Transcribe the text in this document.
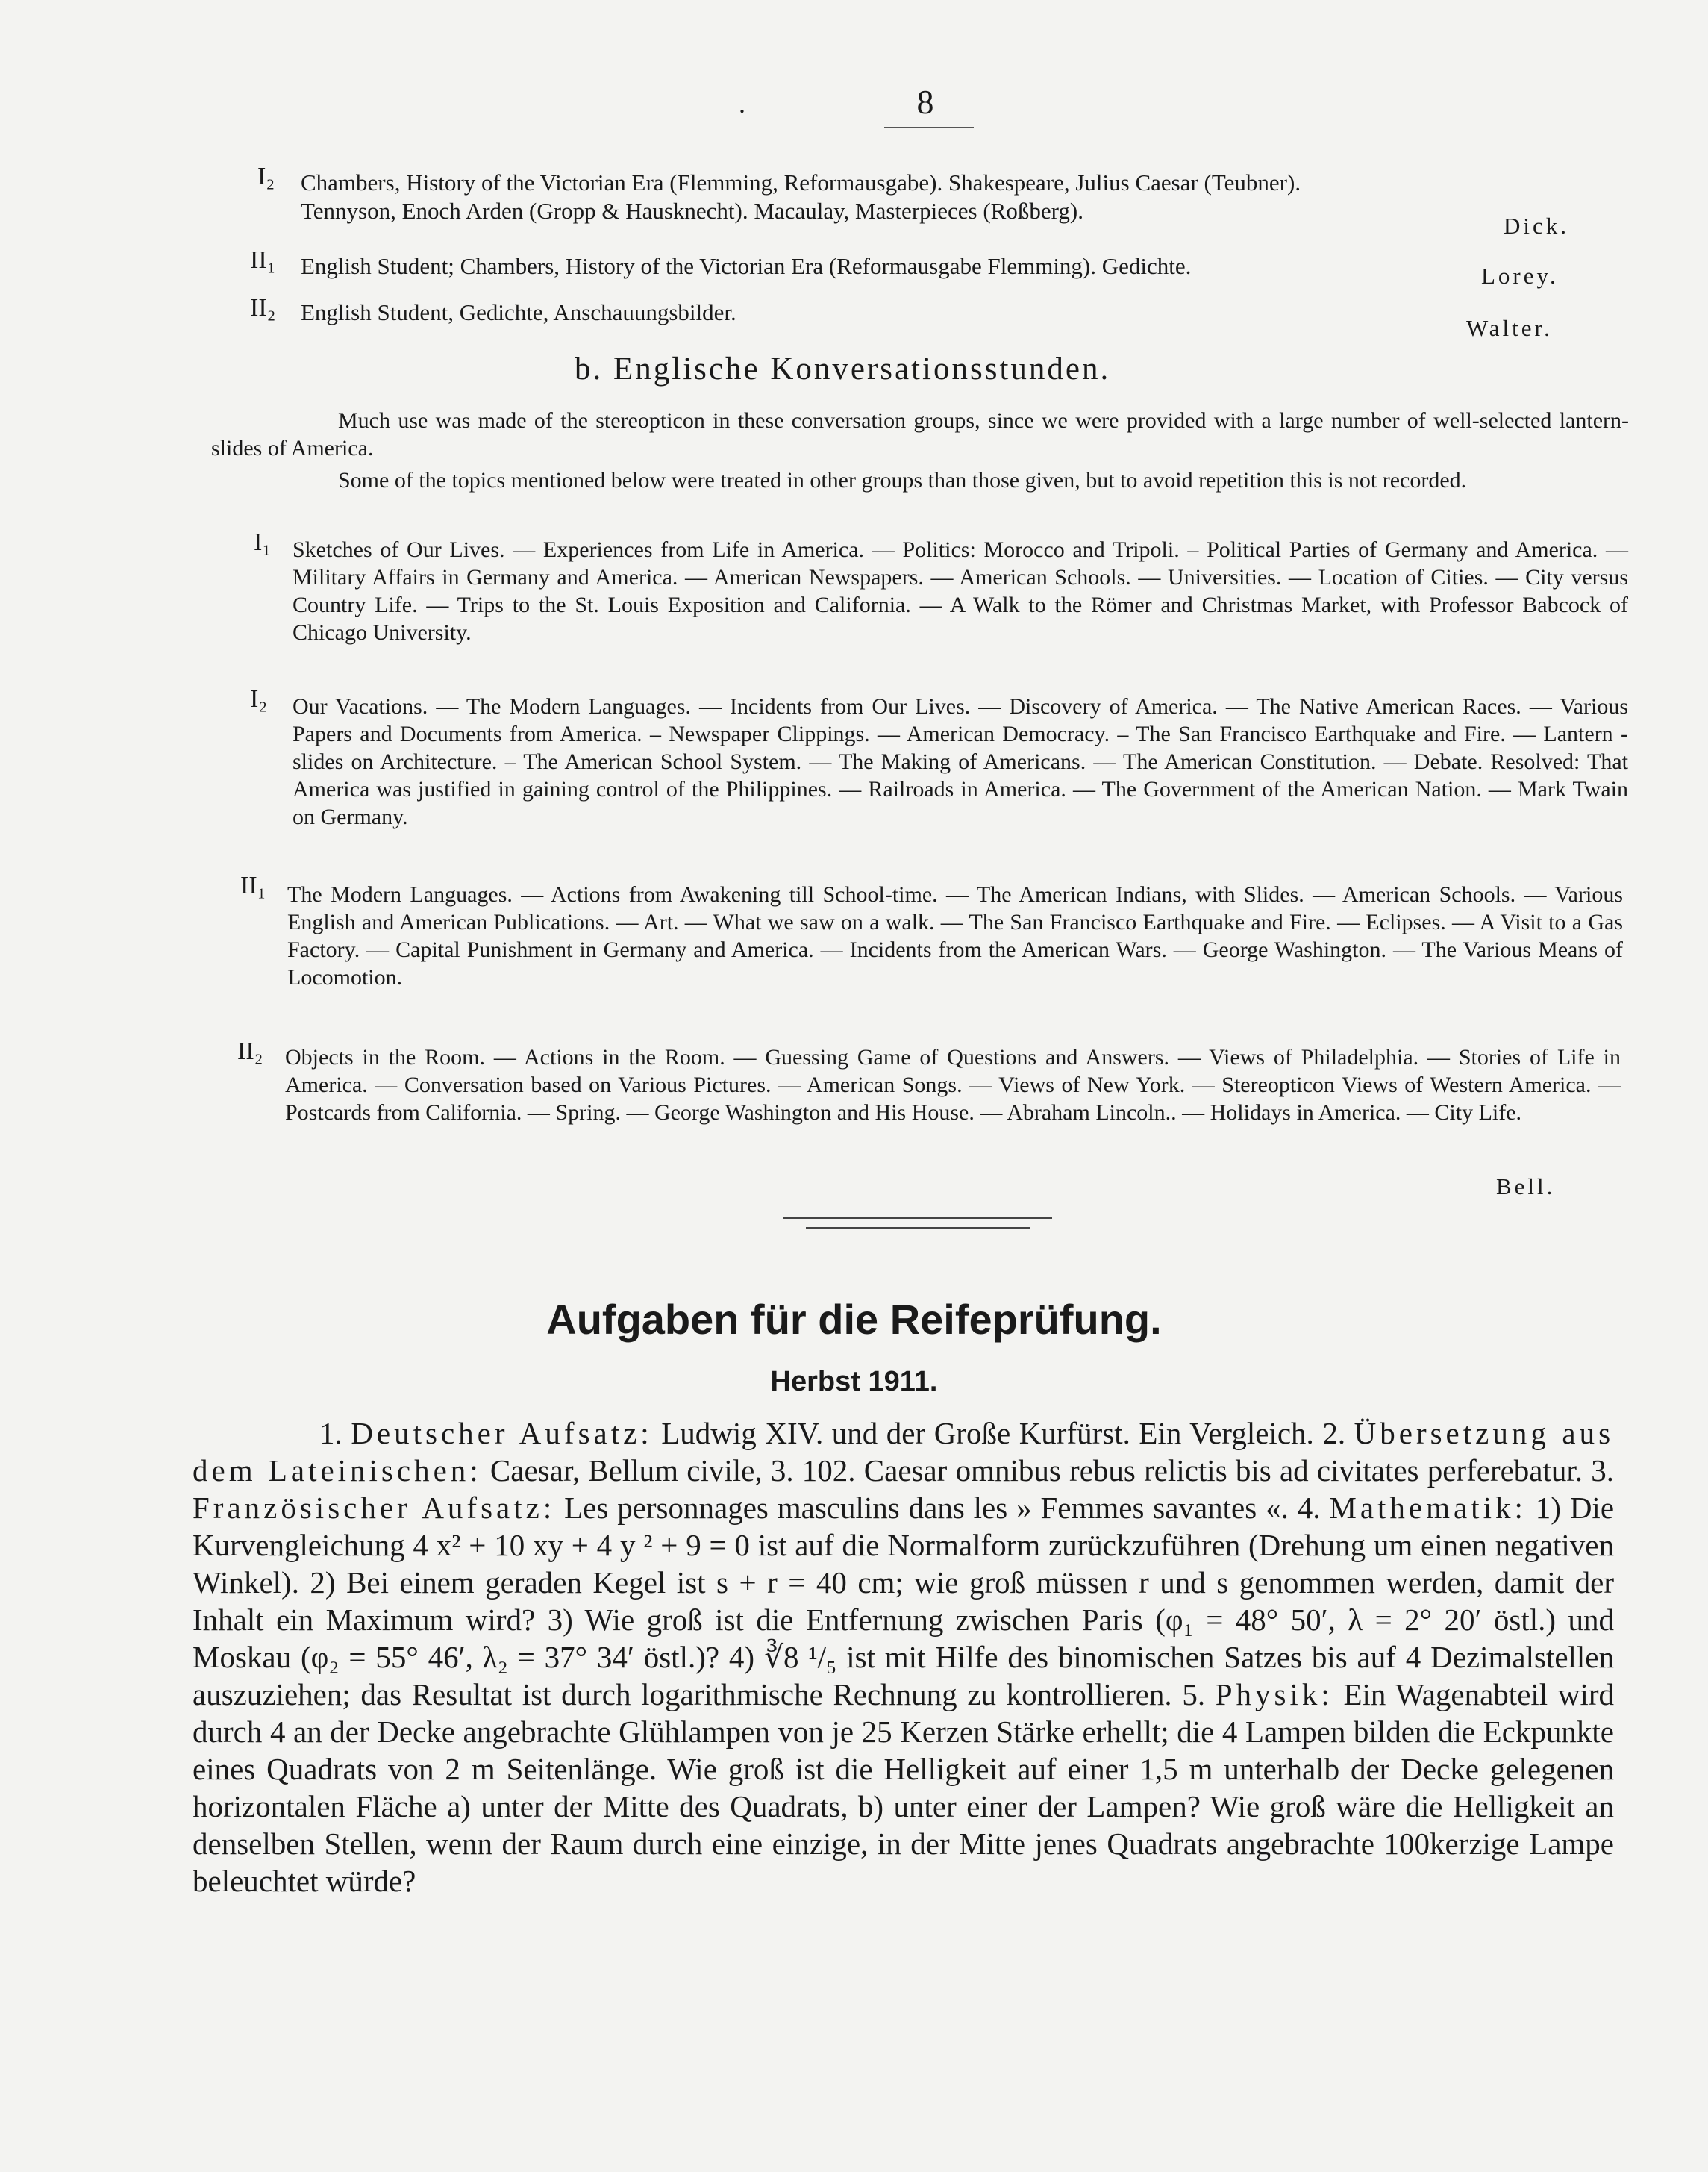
.	8
I₂ Chambers, History of the Victorian Era (Flemming, Reformausgabe). Shakespeare, Julius Caesar (Teubner).
Tennyson, Enoch Arden (Gropp & Hausknecht). Macaulay, Masterpieces (Roßberg).
Dick.
II₁ English Student; Chambers, History of the Victorian Era (Reformausgabe Flemming). Gedichte.	Lorey.
II₂ English Student, Gedichte, Anschauungsbilder.
Walter.
b. Englische Konversationsstunden.
Much use was made of the stereopticon in these conversation groups, since we were provided with a large number of well-selected lantern-slides of America.
Some of the topics mentioned below were treated in other groups than those given, but to avoid repetition this is not recorded.
I₁ Sketches of Our Lives. — Experiences from Life in America. — Politics: Morocco and Tripoli. – Political Parties of Germany and America. — Military Affairs in Germany and America. — American Newspapers. — American Schools. — Universities. — Location of Cities. — City versus Country Life. — Trips to the St. Louis Exposition and California. — A Walk to the Römer and Christmas Market, with Professor Babcock of Chicago University.
I₂ Our Vacations. — The Modern Languages. — Incidents from Our Lives. — Discovery of America. — The Native American Races. — Various Papers and Documents from America. – Newspaper Clippings. — American Democracy. – The San Francisco Earthquake and Fire. — Lantern - slides on Architecture. – The American School System. — The Making of Americans. — The American Constitution. — Debate. Resolved: That America was justified in gaining control of the Philippines. — Railroads in America. — The Government of the American Nation. — Mark Twain on Germany.
II₁ The Modern Languages. — Actions from Awakening till School-time. — The American Indians, with Slides. — American Schools. — Various English and American Publications. — Art. — What we saw on a walk. — The San Francisco Earthquake and Fire. — Eclipses. — A Visit to a Gas Factory. — Capital Punishment in Germany and America. — Incidents from the American Wars. — George Washington. — The Various Means of Locomotion.
II₂ Objects in the Room. — Actions in the Room. — Guessing Game of Questions and Answers. — Views of Philadelphia. — Stories of Life in America. — Conversation based on Various Pictures. — American Songs. — Views of New York. — Stereopticon Views of Western America. — Postcards from California. — Spring. — George Washington and His House. — Abraham Lincoln.. — Holidays in America. — City Life.
Bell.
Aufgaben für die Reifeprüfung.
Herbst 1911.
1. Deutscher Aufsatz: Ludwig XIV. und der Große Kurfürst. Ein Vergleich. 2. Übersetzung aus dem Lateinischen: Caesar, Bellum civile, 3. 102. Caesar omnibus rebus relictis bis ad civitates perferebatur. 3. Französischer Aufsatz: Les personnages masculins dans les » Femmes savantes «. 4. Mathematik: 1) Die Kurvengleichung 4 x² + 10 xy + 4 y ² + 9 = 0 ist auf die Normalform zurückzuführen (Drehung um einen negativen Winkel). 2) Bei einem geraden Kegel ist s + r = 40 cm; wie groß müssen r und s genommen werden, damit der Inhalt ein Maximum wird? 3) Wie groß ist die Entfernung zwischen Paris (φ₁ = 48° 50′, λ = 2° 20′ östl.) und Moskau (φ₂ = 55° 46′, λ₂ = 37° 34′ östl.)? 4) ∛8 ¹/₅ ist mit Hilfe des binomischen Satzes bis auf 4 Dezimalstellen auszuziehen; das Resultat ist durch logarithmische Rechnung zu kontrollieren. 5. Physik: Ein Wagenabteil wird durch 4 an der Decke angebrachte Glühlampen von je 25 Kerzen Stärke erhellt; die 4 Lampen bilden die Eckpunkte eines Quadrats von 2 m Seitenlänge. Wie groß ist die Helligkeit auf einer 1,5 m unterhalb der Decke gelegenen horizontalen Fläche a) unter der Mitte des Quadrats, b) unter einer der Lampen? Wie groß wäre die Helligkeit an denselben Stellen, wenn der Raum durch eine einzige, in der Mitte jenes Quadrats angebrachte 100kerzige Lampe beleuchtet würde?
